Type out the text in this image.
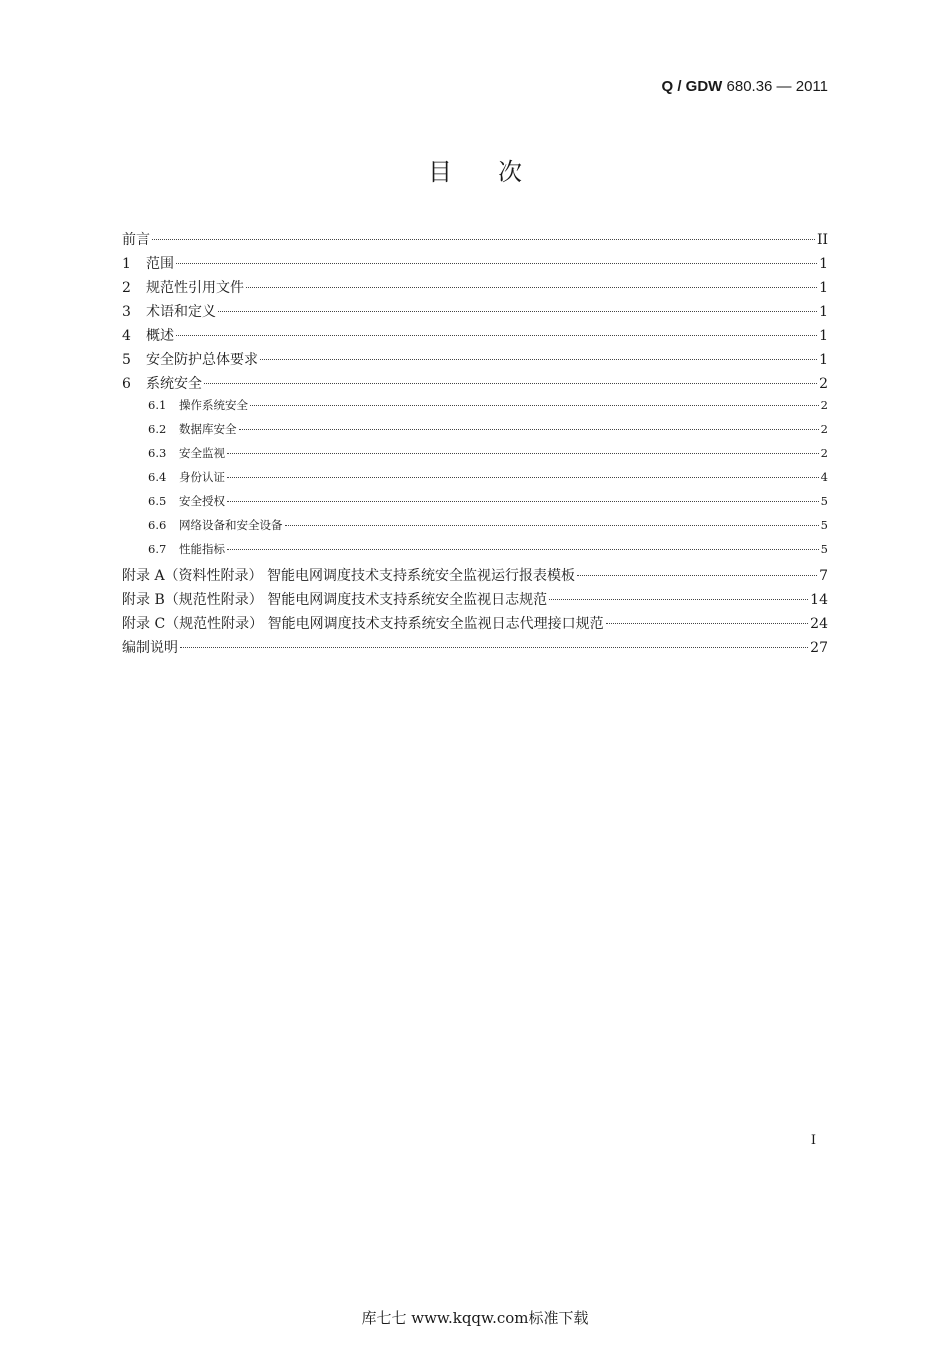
Q / GDW 680.36 — 2011
目 次
前言	II
1	范围	1
2	规范性引用文件	1
3	术语和定义	1
4	概述	1
5	安全防护总体要求	1
6	系统安全	2
6.1	操作系统安全	2
6.2	数据库安全	2
6.3	安全监视	2
6.4	身份认证	4
6.5	安全授权	5
6.6	网络设备和安全设备	5
6.7	性能指标	5
附录 A（资料性附录） 智能电网调度技术支持系统安全监视运行报表模板	7
附录 B（规范性附录） 智能电网调度技术支持系统安全监视日志规范	14
附录 C（规范性附录） 智能电网调度技术支持系统安全监视日志代理接口规范	24
编制说明	27
I
库七七 www.kqqw.com标准下载
